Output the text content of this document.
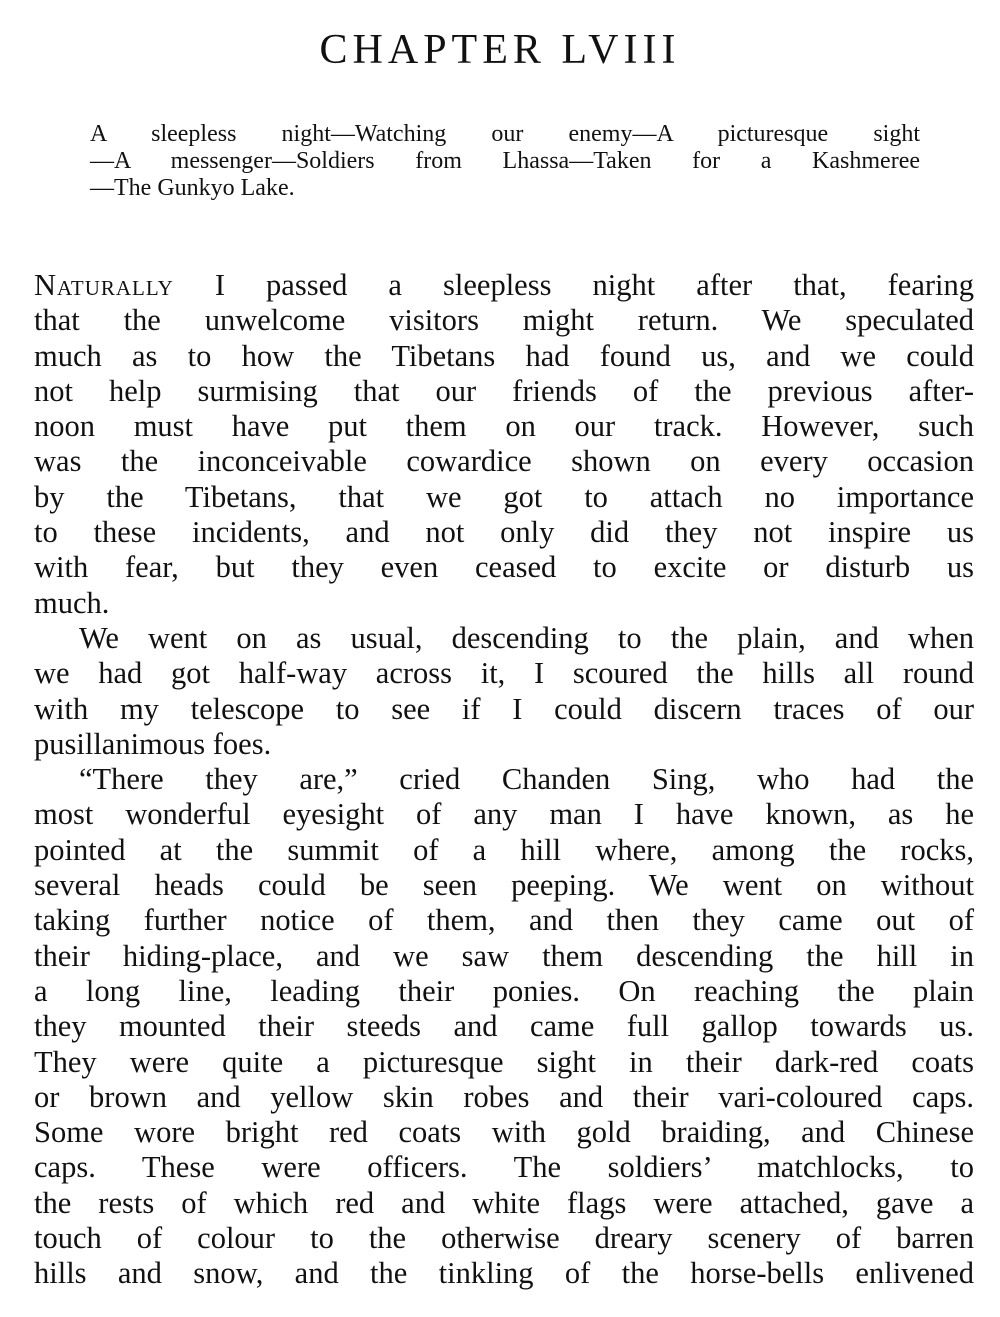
CHAPTER LVIII
A sleepless night—Watching our enemy—A picturesque sight
—A messenger—Soldiers from Lhassa—Taken for a Kashmeree
—The Gunkyo Lake.
Naturally I passed a sleepless night after that, fearing
that the unwelcome visitors might return. We speculated
much as to how the Tibetans had found us, and we could
not help surmising that our friends of the previous after-
noon must have put them on our track. However, such
was the inconceivable cowardice shown on every occasion
by the Tibetans, that we got to attach no importance
to these incidents, and not only did they not inspire us
with fear, but they even ceased to excite or disturb us
much.
We went on as usual, descending to the plain, and when
we had got half-way across it, I scoured the hills all round
with my telescope to see if I could discern traces of our
pusillanimous foes.
“There they are,” cried Chanden Sing, who had the
most wonderful eyesight of any man I have known, as he
pointed at the summit of a hill where, among the rocks,
several heads could be seen peeping. We went on without
taking further notice of them, and then they came out of
their hiding-place, and we saw them descending the hill in
a long line, leading their ponies. On reaching the plain
they mounted their steeds and came full gallop towards us.
They were quite a picturesque sight in their dark-red coats
or brown and yellow skin robes and their vari-coloured caps.
Some wore bright red coats with gold braiding, and Chinese
caps. These were officers. The soldiers’ matchlocks, to
the rests of which red and white flags were attached, gave a
touch of colour to the otherwise dreary scenery of barren
hills and snow, and the tinkling of the horse-bells enlivened
